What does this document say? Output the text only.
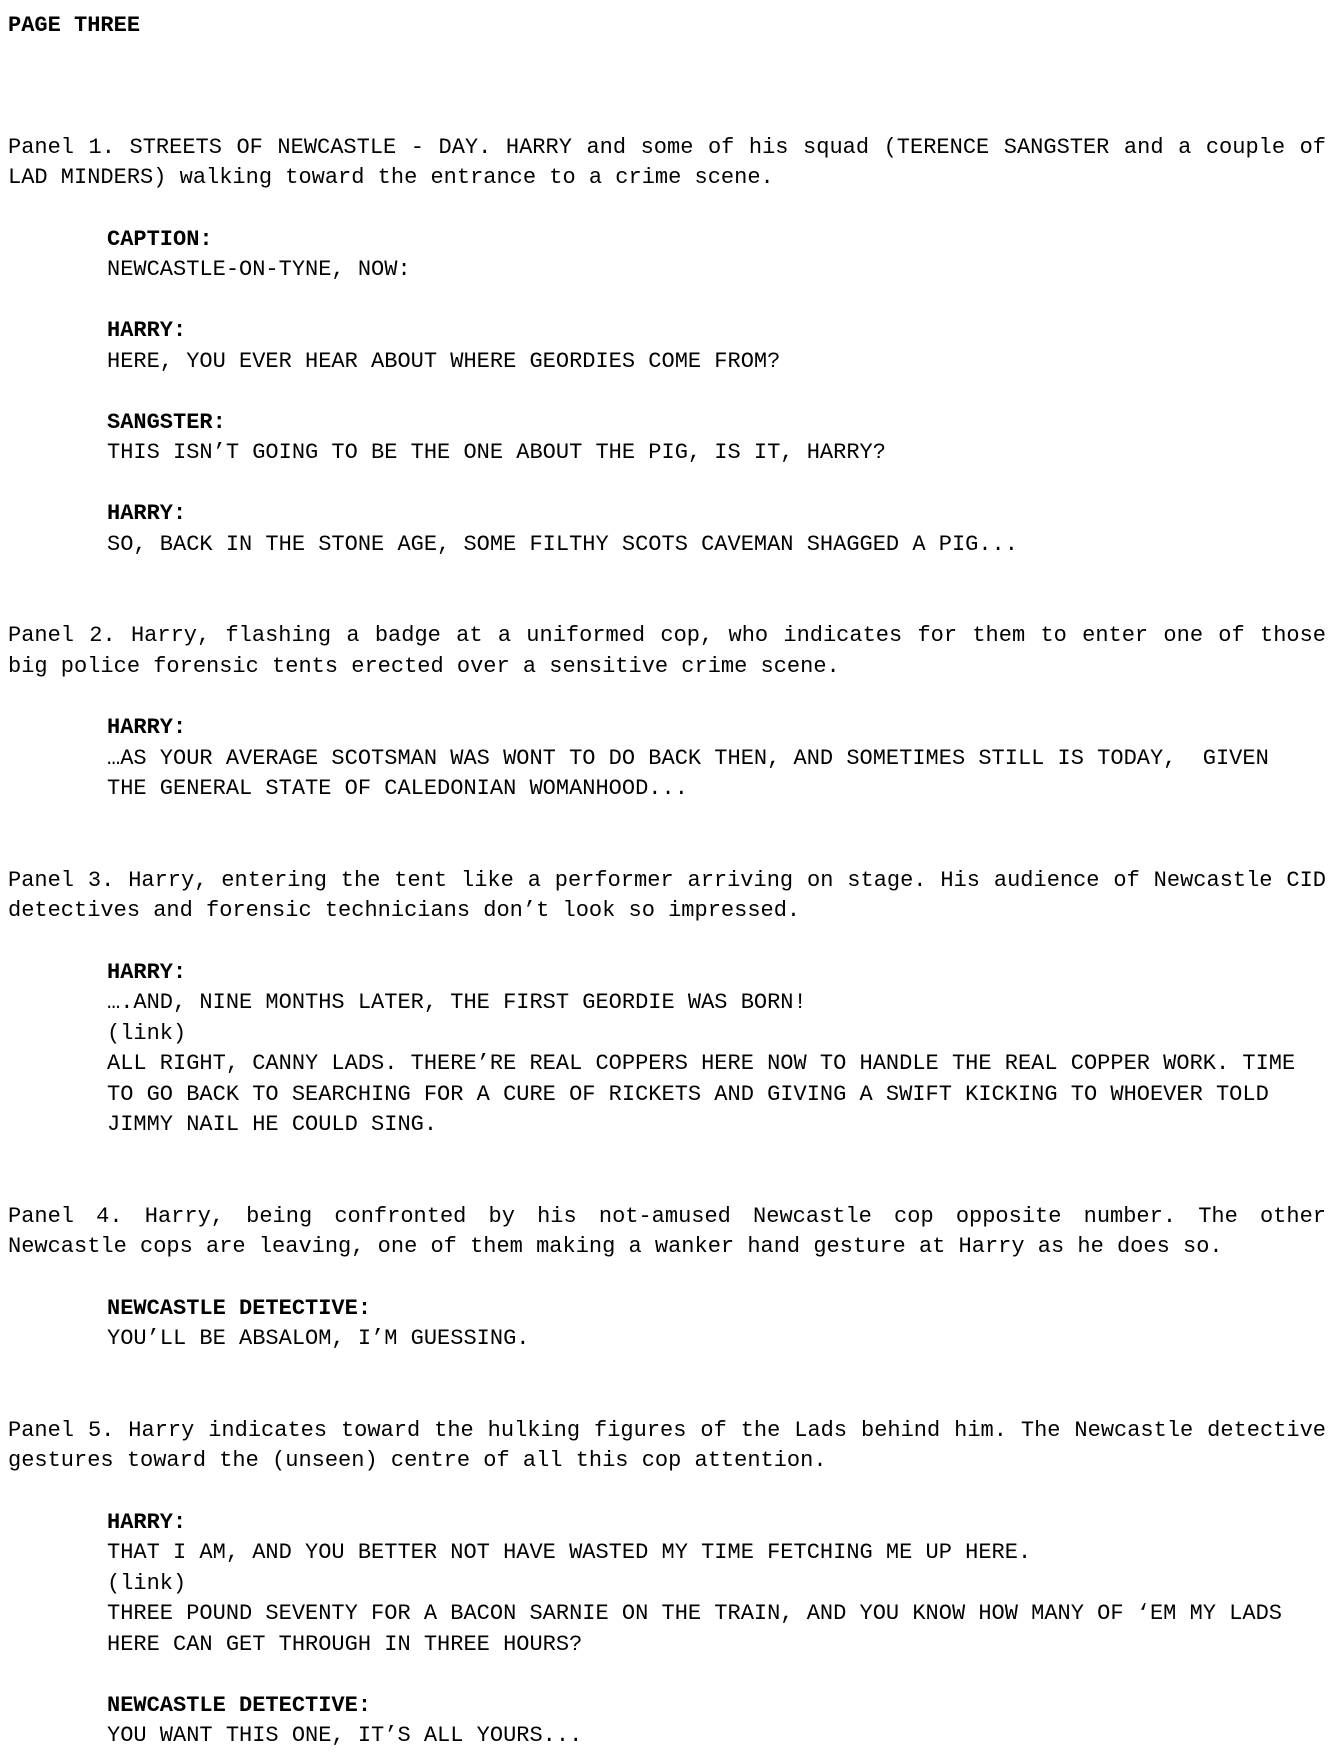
PAGE THREE

Panel 1. STREETS OF NEWCASTLE - DAY. HARRY and some of his squad (TERENCE SANGSTER and a couple of LAD MINDERS) walking toward the entrance to a crime scene.

CAPTION:
NEWCASTLE-ON-TYNE, NOW:
HARRY:
HERE, YOU EVER HEAR ABOUT WHERE GEORDIES COME FROM?
SANGSTER:
THIS ISN’T GOING TO BE THE ONE ABOUT THE PIG, IS IT, HARRY?
HARRY:
SO, BACK IN THE STONE AGE, SOME FILTHY SCOTS CAVEMAN SHAGGED A PIG...

Panel 2. Harry, flashing a badge at a uniformed cop, who indicates for them to enter one of those big police forensic tents erected over a sensitive crime scene.

HARRY:
…AS YOUR AVERAGE SCOTSMAN WAS WONT TO DO BACK THEN, AND SOMETIMES STILL IS TODAY,  GIVEN THE GENERAL STATE OF CALEDONIAN WOMANHOOD...

Panel 3. Harry, entering the tent like a performer arriving on stage. His audience of Newcastle CID detectives and forensic technicians don’t look so impressed.

HARRY:
….AND, NINE MONTHS LATER, THE FIRST GEORDIE WAS BORN!
(link)
ALL RIGHT, CANNY LADS. THERE’RE REAL COPPERS HERE NOW TO HANDLE THE REAL COPPER WORK. TIME TO GO BACK TO SEARCHING FOR A CURE OF RICKETS AND GIVING A SWIFT KICKING TO WHOEVER TOLD JIMMY NAIL HE COULD SING.

Panel 4. Harry, being confronted by his not-amused Newcastle cop opposite number. The other Newcastle cops are leaving, one of them making a wanker hand gesture at Harry as he does so.

NEWCASTLE DETECTIVE:
YOU’LL BE ABSALOM, I’M GUESSING.

Panel 5. Harry indicates toward the hulking figures of the Lads behind him. The Newcastle detective gestures toward the (unseen) centre of all this cop attention.

HARRY:
THAT I AM, AND YOU BETTER NOT HAVE WASTED MY TIME FETCHING ME UP HERE.
(link)
THREE POUND SEVENTY FOR A BACON SARNIE ON THE TRAIN, AND YOU KNOW HOW MANY OF ‘EM MY LADS HERE CAN GET THROUGH IN THREE HOURS?
NEWCASTLE DETECTIVE:
YOU WANT THIS ONE, IT’S ALL YOURS...
